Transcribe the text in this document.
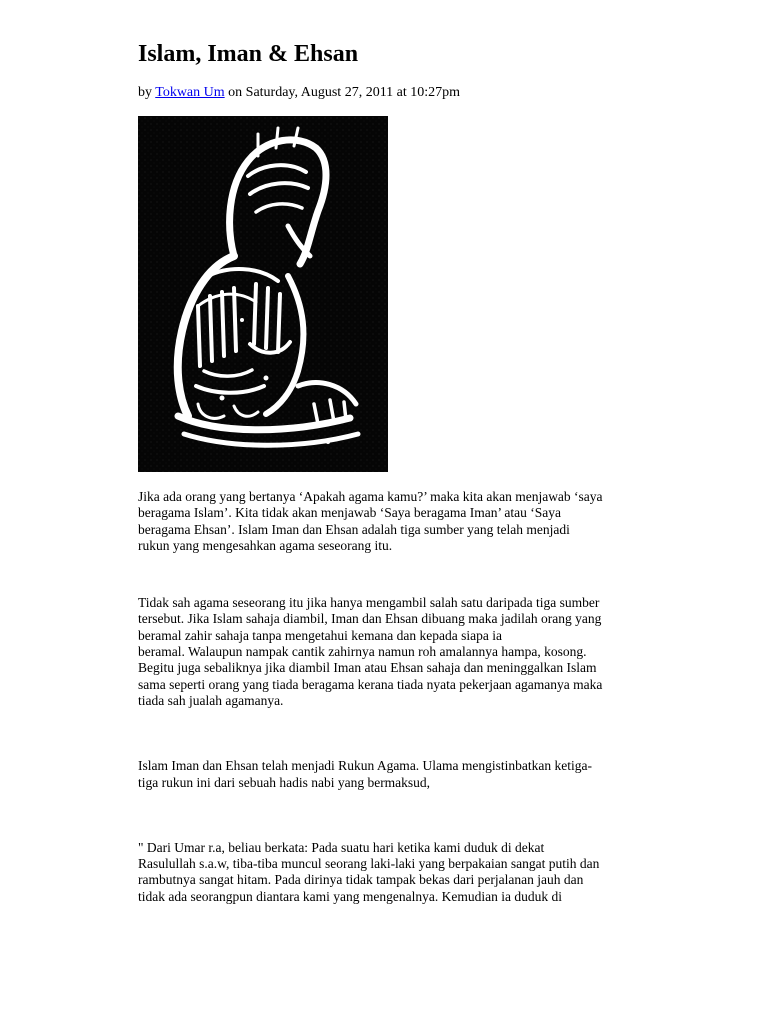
Islam, Iman & Ehsan
by Tokwan Um on Saturday, August 27, 2011 at 10:27pm

Jika ada orang yang bertanya ‘Apakah agama kamu?’ maka kita akan menjawab ‘saya
beragama Islam’. Kita tidak akan menjawab ‘Saya beragama Iman’ atau ‘Saya
beragama Ehsan’. Islam Iman dan Ehsan adalah tiga sumber yang telah menjadi
rukun yang mengesahkan agama seseorang itu.

Tidak sah agama seseorang itu jika hanya mengambil salah satu daripada tiga sumber
tersebut. Jika Islam sahaja diambil, Iman dan Ehsan dibuang maka jadilah orang yang
beramal zahir sahaja tanpa mengetahui kemana dan kepada siapa ia
beramal. Walaupun nampak cantik zahirnya namun roh amalannya hampa, kosong.
Begitu juga sebaliknya jika diambil Iman atau Ehsan sahaja dan meninggalkan Islam
sama seperti orang yang tiada beragama kerana tiada nyata pekerjaan agamanya maka
tiada sah jualah agamanya.

Islam Iman dan Ehsan telah menjadi Rukun Agama. Ulama mengistinbatkan ketiga-
tiga rukun ini dari sebuah hadis nabi yang bermaksud,

" Dari Umar r.a, beliau berkata: Pada suatu hari ketika kami duduk di dekat
Rasulullah s.a.w, tiba-tiba muncul seorang laki-laki yang berpakaian sangat putih dan
rambutnya sangat hitam. Pada dirinya tidak tampak bekas dari perjalanan jauh dan
tidak ada seorangpun diantara kami yang mengenalnya. Kemudian ia duduk di
